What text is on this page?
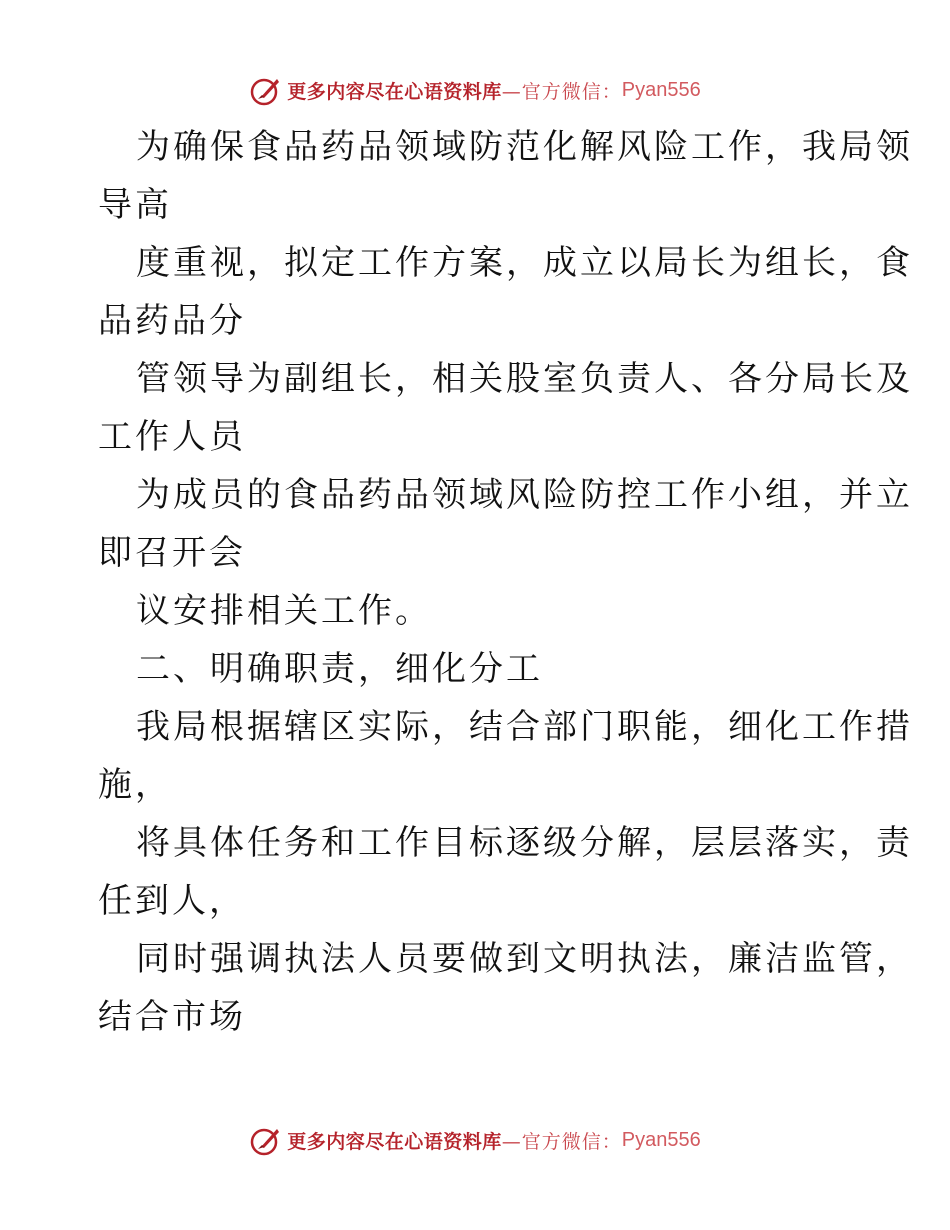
更多内容尽在心语资料库 —官方微信： Pyan556
为确保食品药品领域防范化解风险工作，我局领
导高
度重视，拟定工作方案，成立以局长为组长，食
品药品分
管领导为副组长，相关股室负责人、各分局长及
工作人员
为成员的食品药品领域风险防控工作小组，并立
即召开会
议安排相关工作。
二、明确职责，细化分工
我局根据辖区实际，结合部门职能，细化工作措
施，
将具体任务和工作目标逐级分解，层层落实，责
任到人，
同时强调执法人员要做到文明执法，廉洁监管，
结合市场
更多内容尽在心语资料库 —官方微信： Pyan556
